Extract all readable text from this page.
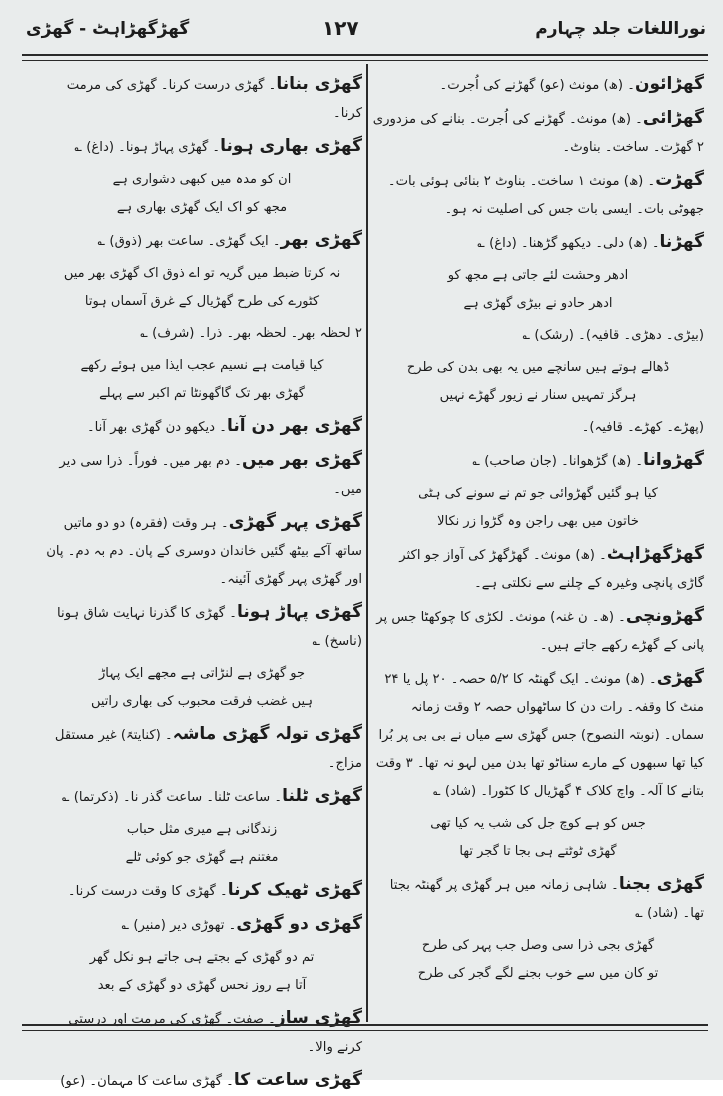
نوراللغات جلد چہارم
۱۲۷
گھڑگھڑاہٹ - گھڑی

گھڑائون۔ (ھ) مونث (عو) گھڑنے کی اُجرت۔

گھڑائی۔ (ھ) مونث۔ گھڑنے کی اُجرت۔ بنانے کی مزدوری ۲ گھڑت۔ ساخت۔ بناوٹ۔

گھڑت۔ (ھ) مونث ۱ ساخت۔ بناوٹ ۲ بنائی ہوئی بات۔ جھوٹی بات۔ ایسی بات جس کی اصلیت نہ ہو۔

گھڑنا۔ (ھ) دلی۔ دیکھو گڑھنا۔ (داغ) ؎

ادھر وحشت لئے جاتی ہے مجھ کو

ادھر حادو نے بیڑی گھڑی ہے

(بیڑی۔ دھڑی۔ قافیہ)۔ (رشک) ؎

ڈھالے ہوتے ہیں سانچے میں یہ بھی بدن کی طرح

ہرگز تمہیں سنار نے زیور گھڑے نہیں

(پھڑے۔ کھڑے۔ قافیہ)۔

گھڑوانا۔ (ھ) گڑھوانا۔ (جان صاحب) ؎

کیا ہو گئیں گھڑوائی جو تم نے سونے کی ہٹی

خاتون میں بھی راجن وہ گڑوا زر نکالا

گھڑگھڑاہٹ۔ (ھ) مونث۔ گھڑگھڑ کی آواز جو اکثر گاڑی پانچی وغیرہ کے چلنے سے نکلتی ہے۔

گھڑونچی۔ (ھ۔ ن غنہ) مونث۔ لکڑی کا چوکھٹا جس پر پانی کے گھڑے رکھے جاتے ہیں۔

گھڑی۔ (ھ) مونث۔ ایک گھنٹہ کا ۵/۲ حصہ۔ ۲۰ پل یا ۲۴ منٹ کا وقفہ۔ رات دن کا ساٹھواں حصہ ۲ وقت زمانہ سماں۔ (نوبتہ النصوح) جس گھڑی سے میاں نے بی بی پر بُرا کیا تھا سبھوں کے مارے سناٹو تھا بدن میں لہو نہ تھا۔ ۳ وقت بتانے کا آلہ۔ واچ کلاک ۴ گھڑیال کا کٹورا۔ (شاد) ؎

جس کو ہے کوچ جل کی شب یہ کیا تھی

گھڑی ٹوٹتے ہی بجا تا گجر تھا

گھڑی بجنا۔ شاہی زمانہ میں ہر گھڑی پر گھنٹہ بجتا تھا۔ (شاد) ؎

گھڑی بجی ذرا سی وصل جب پہر کی طرح

تو کان میں سے خوب بجنے لگے گجر کی طرح

گھڑی بنانا۔ گھڑی درست کرنا۔ گھڑی کی مرمت کرنا۔

گھڑی بھاری ہونا۔ گھڑی پہاڑ ہونا۔ (داغ) ؎

ان کو مدہ میں کبھی دشواری ہے

مجھ کو اک ایک گھڑی بھاری ہے

گھڑی بھر۔ ایک گھڑی۔ ساعت بھر (ذوق) ؎

نہ کرتا ضبط میں گریہ تو اے ذوق اک گھڑی بھر میں

کٹورے کی طرح گھڑیال کے غرق آسماں ہوتا

۲ لحظہ بھر۔ لحظہ بھر۔ ذرا۔ (شرف) ؎

کیا قیامت ہے نسیم عجب ایذا میں ہوئے رکھے

گھڑی بھر تک گاگھونٹا تم اکبر سے پہلے

گھڑی بھر دن آنا۔ دیکھو دن گھڑی بھر آنا۔

گھڑی بھر میں۔ دم بھر میں۔ فوراً۔ ذرا سی دیر میں۔

گھڑی پہر گھڑی۔ ہر وقت (فقرہ) دو دو ماتیں ساتھ آکے بیٹھ گئیں خاندان دوسری کے پان۔ دم بہ دم۔ پان اور گھڑی پہر گھڑی آئینہ۔

گھڑی پہاڑ ہونا۔ گھڑی کا گذرنا نہایت شاق ہونا (ناسخ) ؎

جو گھڑی ہے لنڑاتی ہے مجھے ایک پہاڑ

ہیں غضب فرقت محبوب کی بھاری راتیں

گھڑی تولہ گھڑی ماشہ۔ (کنایتہً) غیر مستقل مزاج۔

گھڑی ٹلنا۔ ساعت ٹلنا۔ ساعت گذر نا۔ (ذکرتما) ؎

زندگانی ہے میری مثل حباب

مغتنم ہے گھڑی جو کوئی ٹلے

گھڑی ٹھیک کرنا۔ گھڑی کا وقت درست کرنا۔

گھڑی دو گھڑی۔ تھوڑی دیر (منیر) ؎

تم دو گھڑی کے بجتے ہی جاتے ہو نکل گھر

آتا ہے روز نحس گھڑی دو گھڑی کے بعد

گھڑی ساز۔ صفت۔ گھڑی کی مرمت اور درستی کرنے والا۔

گھڑی ساعت کا۔ گھڑی ساعت کا مہمان۔ (عو)
